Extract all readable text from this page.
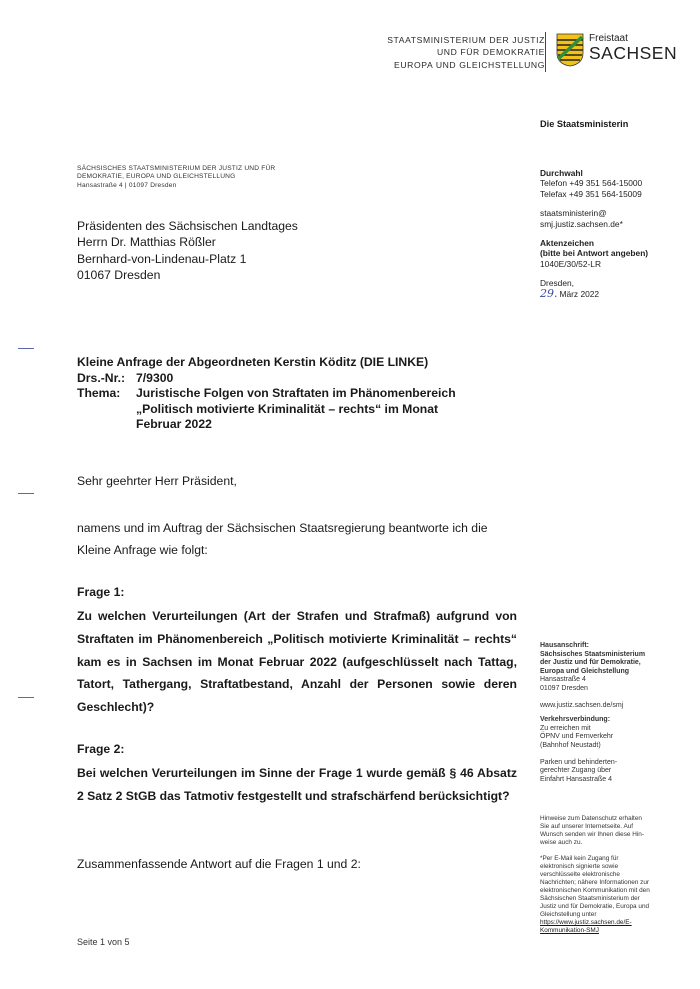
STAATSMINISTERIUM DER JUSTIZ
UND FÜR DEMOKRATIE
EUROPA UND GLEICHSTELLUNG
Freistaat
SACHSEN
Die Staatsministerin
SÄCHSISCHES STAATSMINISTERIUM DER JUSTIZ UND FÜR
DEMOKRATIE, EUROPA UND GLEICHSTELLUNG
Hansastraße 4 | 01097 Dresden
Präsidenten des Sächsischen Landtages
Herrn Dr. Matthias Rößler
Bernhard-von-Lindenau-Platz 1
01067 Dresden
Durchwahl
Telefon +49 351 564-15000
Telefax +49 351 564-15009
staatsministerin@
smj.justiz.sachsen.de*
Aktenzeichen
(bitte bei Antwort angeben)
1040E/30/52-LR
Dresden,
29. März 2022
Kleine Anfrage der Abgeordneten Kerstin Köditz (DIE LINKE)
Drs.-Nr.: 7/9300
Thema:	Juristische Folgen von Straftaten im Phänomenbereich
„Politisch motivierte Kriminalität – rechts“ im Monat
Februar 2022
Sehr geehrter Herr Präsident,
namens und im Auftrag der Sächsischen Staatsregierung beantworte ich die Kleine Anfrage wie folgt:
Frage 1:
Zu welchen Verurteilungen (Art der Strafen und Strafmaß) aufgrund von Straftaten im Phänomenbereich „Politisch motivierte Kriminalität – rechts“ kam es in Sachsen im Monat Februar 2022 (aufgeschlüsselt nach Tattag, Tatort, Tathergang, Straftatbestand, Anzahl der Personen sowie deren Geschlecht)?
Frage 2:
Bei welchen Verurteilungen im Sinne der Frage 1 wurde gemäß § 46 Absatz 2 Satz 2 StGB das Tatmotiv festgestellt und strafschärfend berücksichtigt?
Zusammenfassende Antwort auf die Fragen 1 und 2:
Hausanschrift:
Sächsisches Staatsministerium
der Justiz und für Demokratie,
Europa und Gleichstellung
Hansastraße 4
01097 Dresden
www.justiz.sachsen.de/smj
Verkehrsverbindung:
Zu erreichen mit
ÖPNV und Fernverkehr
(Bahnhof Neustadt)
Parken und behinderten-
gerechter Zugang über
Einfahrt Hansastraße 4
Hinweise zum Datenschutz erhalten
Sie auf unserer Internetseite. Auf
Wunsch senden wir Ihnen diese Hin-
weise auch zu.
*Per E-Mail kein Zugang für
elektronisch signierte sowie
verschlüsselte elektronische
Nachrichten; nähere Informationen zur
elektronischen Kommunikation mit den
Sächsischen Staatsministerium der
Justiz und für Demokratie, Europa und
Gleichstellung unter
https://www.justiz.sachsen.de/E-
Kommunikation-SMJ
Seite 1 von 5
